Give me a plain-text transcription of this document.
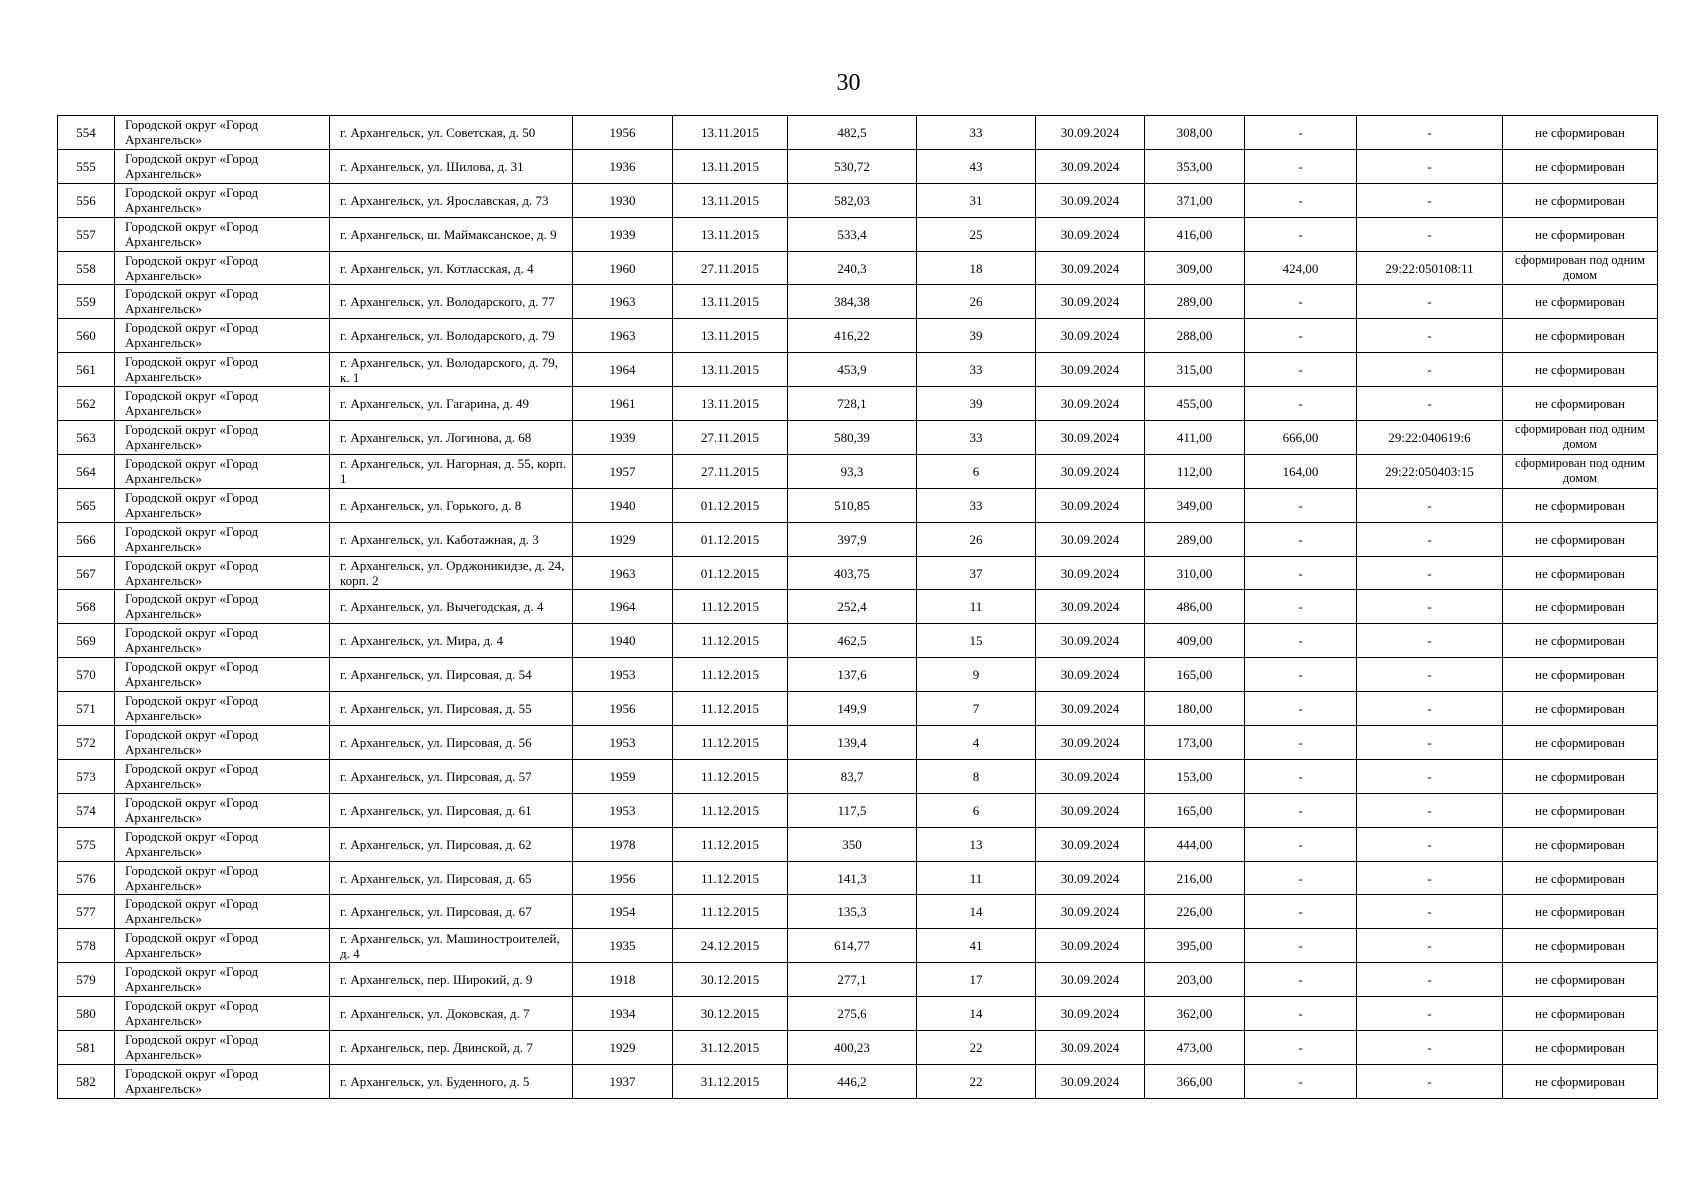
30
554	Городской округ «Город Архангельск»	г. Архангельск, ул. Советская, д. 50	1956	13.11.2015	482,5	33	30.09.2024	308,00	-	-	не сформирован
555	Городской округ «Город Архангельск»	г. Архангельск, ул. Шилова, д. 31	1936	13.11.2015	530,72	43	30.09.2024	353,00	-	-	не сформирован
556	Городской округ «Город Архангельск»	г. Архангельск, ул. Ярославская, д. 73	1930	13.11.2015	582,03	31	30.09.2024	371,00	-	-	не сформирован
557	Городской округ «Город Архангельск»	г. Архангельск, ш. Маймаксанское, д. 9	1939	13.11.2015	533,4	25	30.09.2024	416,00	-	-	не сформирован
558	Городской округ «Город Архангельск»	г. Архангельск, ул. Котласская, д. 4	1960	27.11.2015	240,3	18	30.09.2024	309,00	424,00	29:22:050108:11	сформирован под одним домом
559	Городской округ «Город Архангельск»	г. Архангельск, ул. Володарского, д. 77	1963	13.11.2015	384,38	26	30.09.2024	289,00	-	-	не сформирован
560	Городской округ «Город Архангельск»	г. Архангельск, ул. Володарского, д. 79	1963	13.11.2015	416,22	39	30.09.2024	288,00	-	-	не сформирован
561	Городской округ «Город Архангельск»	г. Архангельск, ул. Володарского, д. 79, к. 1	1964	13.11.2015	453,9	33	30.09.2024	315,00	-	-	не сформирован
562	Городской округ «Город Архангельск»	г. Архангельск, ул. Гагарина, д. 49	1961	13.11.2015	728,1	39	30.09.2024	455,00	-	-	не сформирован
563	Городской округ «Город Архангельск»	г. Архангельск, ул. Логинова, д. 68	1939	27.11.2015	580,39	33	30.09.2024	411,00	666,00	29:22:040619:6	сформирован под одним домом
564	Городской округ «Город Архангельск»	г. Архангельск, ул. Нагорная, д. 55, корп. 1	1957	27.11.2015	93,3	6	30.09.2024	112,00	164,00	29:22:050403:15	сформирован под одним домом
565	Городской округ «Город Архангельск»	г. Архангельск, ул. Горького, д. 8	1940	01.12.2015	510,85	33	30.09.2024	349,00	-	-	не сформирован
566	Городской округ «Город Архангельск»	г. Архангельск, ул. Каботажная, д. 3	1929	01.12.2015	397,9	26	30.09.2024	289,00	-	-	не сформирован
567	Городской округ «Город Архангельск»	г. Архангельск, ул. Орджоникидзе, д. 24, корп. 2	1963	01.12.2015	403,75	37	30.09.2024	310,00	-	-	не сформирован
568	Городской округ «Город Архангельск»	г. Архангельск, ул. Вычегодская, д. 4	1964	11.12.2015	252,4	11	30.09.2024	486,00	-	-	не сформирован
569	Городской округ «Город Архангельск»	г. Архангельск, ул. Мира, д. 4	1940	11.12.2015	462,5	15	30.09.2024	409,00	-	-	не сформирован
570	Городской округ «Город Архангельск»	г. Архангельск, ул. Пирсовая, д. 54	1953	11.12.2015	137,6	9	30.09.2024	165,00	-	-	не сформирован
571	Городской округ «Город Архангельск»	г. Архангельск, ул. Пирсовая, д. 55	1956	11.12.2015	149,9	7	30.09.2024	180,00	-	-	не сформирован
572	Городской округ «Город Архангельск»	г. Архангельск, ул. Пирсовая, д. 56	1953	11.12.2015	139,4	4	30.09.2024	173,00	-	-	не сформирован
573	Городской округ «Город Архангельск»	г. Архангельск, ул. Пирсовая, д. 57	1959	11.12.2015	83,7	8	30.09.2024	153,00	-	-	не сформирован
574	Городской округ «Город Архангельск»	г. Архангельск, ул. Пирсовая, д. 61	1953	11.12.2015	117,5	6	30.09.2024	165,00	-	-	не сформирован
575	Городской округ «Город Архангельск»	г. Архангельск, ул. Пирсовая, д. 62	1978	11.12.2015	350	13	30.09.2024	444,00	-	-	не сформирован
576	Городской округ «Город Архангельск»	г. Архангельск, ул. Пирсовая, д. 65	1956	11.12.2015	141,3	11	30.09.2024	216,00	-	-	не сформирован
577	Городской округ «Город Архангельск»	г. Архангельск, ул. Пирсовая, д. 67	1954	11.12.2015	135,3	14	30.09.2024	226,00	-	-	не сформирован
578	Городской округ «Город Архангельск»	г. Архангельск, ул. Машиностроителей, д. 4	1935	24.12.2015	614,77	41	30.09.2024	395,00	-	-	не сформирован
579	Городской округ «Город Архангельск»	г. Архангельск, пер. Широкий, д. 9	1918	30.12.2015	277,1	17	30.09.2024	203,00	-	-	не сформирован
580	Городской округ «Город Архангельск»	г. Архангельск, ул. Доковская, д. 7	1934	30.12.2015	275,6	14	30.09.2024	362,00	-	-	не сформирован
581	Городской округ «Город Архангельск»	г. Архангельск, пер. Двинской, д. 7	1929	31.12.2015	400,23	22	30.09.2024	473,00	-	-	не сформирован
582	Городской округ «Город Архангельск»	г. Архангельск, ул. Буденного, д. 5	1937	31.12.2015	446,2	22	30.09.2024	366,00	-	-	не сформирован
